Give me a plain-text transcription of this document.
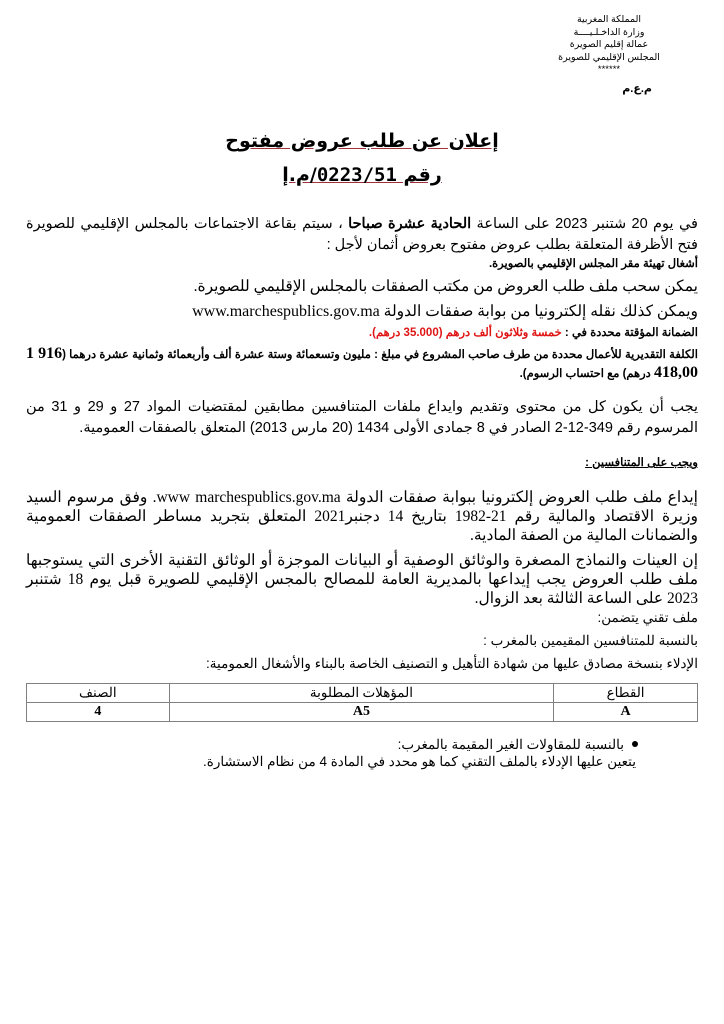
المملكة المغربية
وزارة الداخـلـيــــة
عمالة إقليم الصويرة
المجلس الإقليمي للصويرة
******
م.ع.م
إعلان عن طلب عروض مفتوح
رقم 0223/51/م.إ

في يوم 20 شتنبر 2023 على الساعة الحادية عشرة صباحا ، سيتم بقاعة الاجتماعات بالمجلس الإقليمي للصويرة فتح الأظرفة المتعلقة بطلب عروض مفتوح بعروض أثمان لأجل :

أشغال تهيئة مقر المجلس الإقليمي بالصويرة.

يمكن سحب ملف طلب العروض من مكتب الصفقات بالمجلس الإقليمي للصويرة.

ويمكن كذلك نقله إلكترونيا من بوابة صفقات الدولة www.marchespublics.gov.ma

الضمانة المؤقتة محددة في : خمسة وثلاثون ألف درهم (35.000 درهم).

الكلفة التقديرية للأعمال محددة من طرف صاحب المشروع في مبلغ : مليون وتسعمائة وستة عشرة ألف وأربعمائة وثمانية عشرة درهما (1 916 418,00 درهم) مع احتساب الرسوم).

يجب أن يكون كل من محتوى وتقديم وايداع ملفات المتنافسين مطابقين لمقتضيات المواد 27 و 29 و 31 من المرسوم رقم 349-12-2 الصادر في 8 جمادى الأولى 1434 (20 مارس 2013) المتعلق بالصفقات العمومية.

ويجب على المتنافسين :

إيداع ملف طلب العروض إلكترونيا ببوابة صفقات الدولة www marchespublics.gov.ma. وفق مرسوم السيد وزيرة الاقتصاد والمالية رقم 21-1982 بتاريخ 14 دجنبر2021 المتعلق بتجريد مساطر الصفقات العمومية والضمانات المالية من الصفة المادية.

إن العينات والنماذج المصغرة والوثائق الوصفية أو البيانات الموجزة أو الوثائق التقنية الأخرى التي يستوجبها ملف طلب العروض يجب إيداعها بالمديرية العامة للمصالح بالمجس الإقليمي للصويرة قبل يوم 18 شتنبر 2023 على الساعة الثالثة بعد الزوال.

ملف تقني يتضمن:

بالنسبة للمتنافسين المقيمين بالمغرب :

الإدلاء بنسخة مصادق عليها من شهادة التأهيل و التصنيف الخاصة بالبناء والأشغال العمومية:

القطاع	المؤهلات المطلوبة	الصنف
A	A5	4
بالنسبة للمقاولات الغير المقيمة بالمغرب:

يتعين عليها الإدلاء بالملف التقني كما هو محدد في المادة 4 من نظام الاستشارة.
